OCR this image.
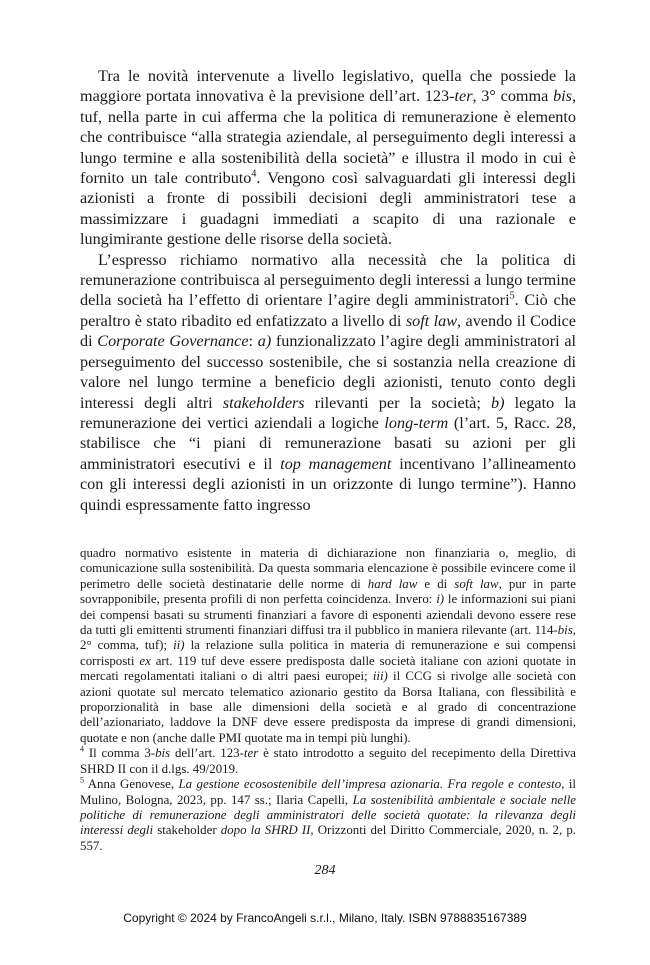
Tra le novità intervenute a livello legislativo, quella che possiede la maggiore portata innovativa è la previsione dell’art. 123-ter, 3° comma bis, tuf, nella parte in cui afferma che la politica di remunerazione è elemento che contribuisce “alla strategia aziendale, al perseguimento degli interessi a lungo termine e alla sostenibilità della società” e illustra il modo in cui è fornito un tale contributo$^4$. Vengono così salvaguardati gli interessi degli azionisti a fronte di possibili decisioni degli amministratori tese a massimizzare i guadagni immediati a scapito di una razionale e lungimirante gestione delle risorse della società.

L’espresso richiamo normativo alla necessità che la politica di remunerazione contribuisca al perseguimento degli interessi a lungo termine della società ha l’effetto di orientare l’agire degli amministratori$^5$. Ciò che peraltro è stato ribadito ed enfatizzato a livello di soft law, avendo il Codice di Corporate Governance: a) funzionalizzato l’agire degli amministratori al perseguimento del successo sostenibile, che si sostanzia nella creazione di valore nel lungo termine a beneficio degli azionisti, tenuto conto degli interessi degli altri stakeholders rilevanti per la società; b) legato la remunerazione dei vertici aziendali a logiche long-term (l’art. 5, Racc. 28, stabilisce che “i piani di remunerazione basati su azioni per gli amministratori esecutivi e il top management incentivano l’allineamento con gli interessi degli azionisti in un orizzonte di lungo termine”). Hanno quindi espressamente fatto ingresso

quadro normativo esistente in materia di dichiarazione non finanziaria o, meglio, di comunicazione sulla sostenibilità. Da questa sommaria elencazione è possibile evincere come il perimetro delle società destinatarie delle norme di hard law e di soft law, pur in parte sovrapponibile, presenta profili di non perfetta coincidenza. Invero: i) le informazioni sui piani dei compensi basati su strumenti finanziari a favore di esponenti aziendali devono essere rese da tutti gli emittenti strumenti finanziari diffusi tra il pubblico in maniera rilevante (art. 114-bis, 2° comma, tuf); ii) la relazione sulla politica in materia di remunerazione e sui compensi corrisposti ex art. 119 tuf deve essere predisposta dalle società italiane con azioni quotate in mercati regolamentati italiani o di altri paesi europei; iii) il CCG si rivolge alle società con azioni quotate sul mercato telematico azionario gestito da Borsa Italiana, con flessibilità e proporzionalità in base alle dimensioni della società e al grado di concentrazione dell’azionariato, laddove la DNF deve essere predisposta da imprese di grandi dimensioni, quotate e non (anche dalle PMI quotate ma in tempi più lunghi).

$^4$ Il comma 3-bis dell’art. 123-ter è stato introdotto a seguito del recepimento della Direttiva SHRD II con il d.lgs. 49/2019.

$^5$ Anna Genovese, La gestione ecosostenibile dell’impresa azionaria. Fra regole e contesto, il Mulino, Bologna, 2023, pp. 147 ss.; Ilaria Capelli, La sostenibilità ambientale e sociale nelle politiche di remunerazione degli amministratori delle società quotate: la rilevanza degli interessi degli stakeholder dopo la SHRD II, Orizzonti del Diritto Commerciale, 2020, n. 2, p. 557.

284
Copyright © 2024 by FrancoAngeli s.r.l., Milano, Italy. ISBN 9788835167389
